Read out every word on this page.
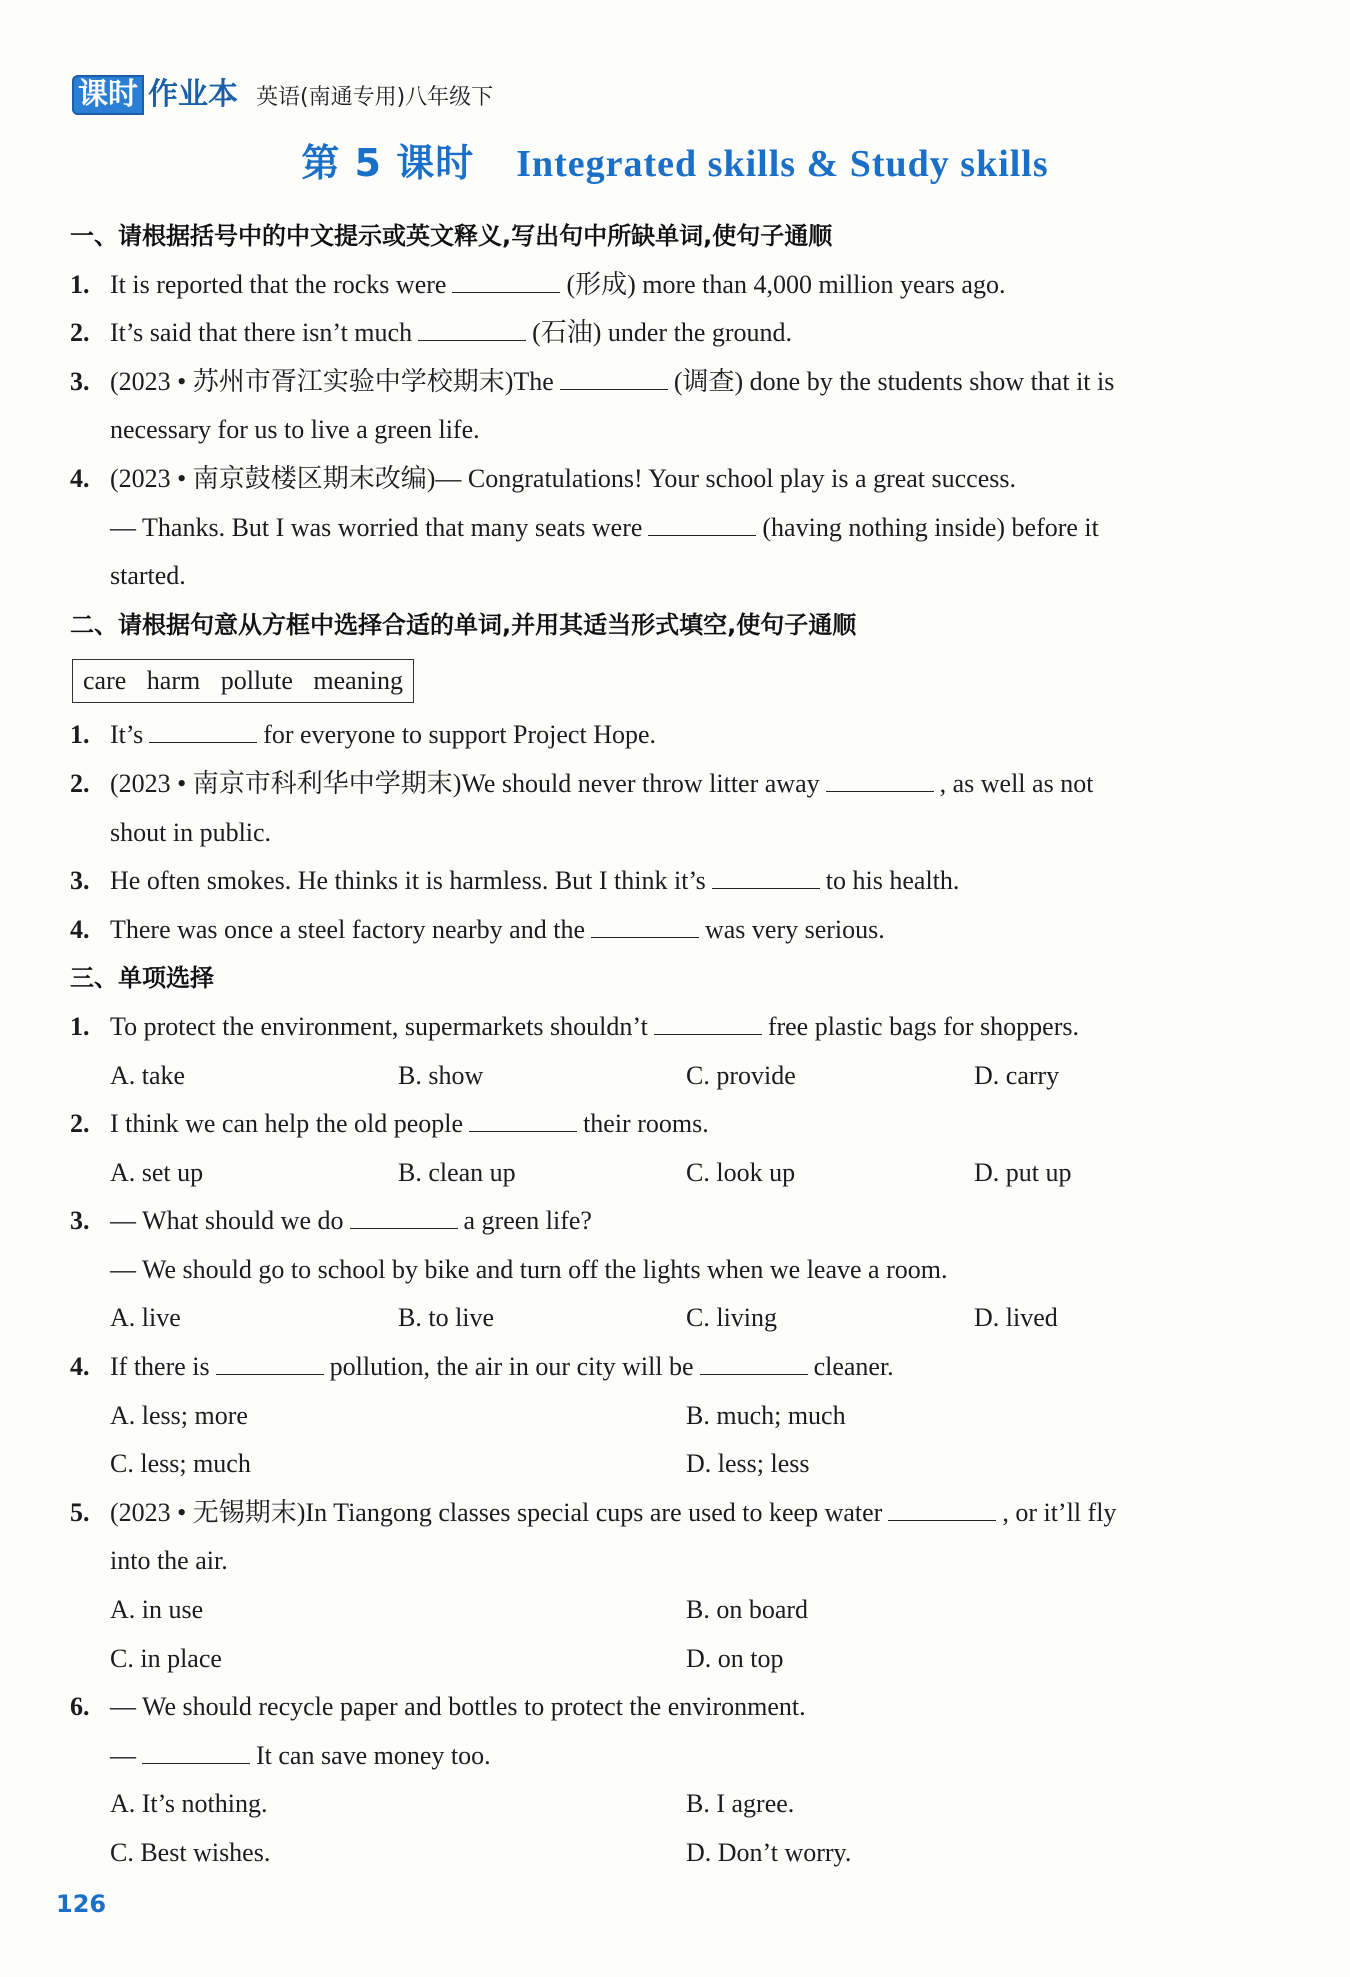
课时 作业本 英语(南通专用)八年级下
第 5 课时 Integrated skills & Study skills
一、请根据括号中的中文提示或英文释义,写出句中所缺单词,使句子通顺
1. It is reported that the rocks were	(形成) more than 4,000 million years ago.
2. It’s said that there isn’t much	(石油) under the ground.
3. (2023 • 苏州市胥江实验中学校期末)The	(调查) done by the students show that it is
necessary for us to live a green life.
4. (2023 • 南京鼓楼区期末改编)— Congratulations! Your school play is a great success.
— Thanks. But I was worried that many seats were	(having nothing inside) before it
started.
二、请根据句意从方框中选择合适的单词,并用其适当形式填空,使句子通顺
care harm pollute meaning
1. It’s	for everyone to support Project Hope.
2. (2023 • 南京市科利华中学期末)We should never throw litter away	, as well as not
shout in public.
3. He often smokes. He thinks it is harmless. But I think it’s	to his health.
4. There was once a steel factory nearby and the	was very serious.
三、单项选择
1. To protect the environment, supermarkets shouldn’t	free plastic bags for shoppers.
A. take	B. show	C. provide	D. carry
2. I think we can help the old people	their rooms.
A. set up	B. clean up	C. look up	D. put up
3. — What should we do	a green life?
— We should go to school by bike and turn off the lights when we leave a room.
A. live	B. to live	C. living	D. lived
4. If there is	pollution, the air in our city will be	cleaner.
A. less; more	B. much; much
C. less; much	D. less; less
5. (2023 • 无锡期末)In Tiangong classes special cups are used to keep water	, or it’ll fly
into the air.
A. in use	B. on board
C. in place	D. on top
6. — We should recycle paper and bottles to protect the environment.
—	It can save money too.
A. It’s nothing.	B. I agree.
C. Best wishes.	D. Don’t worry.
126
